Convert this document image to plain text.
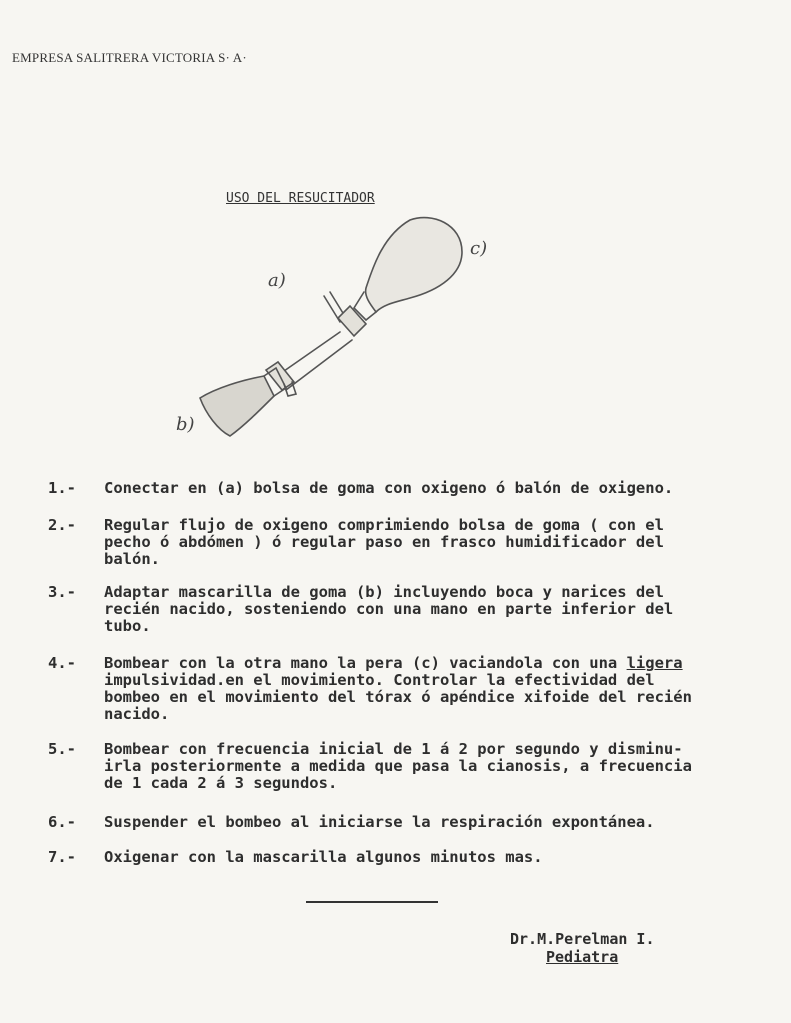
EMPRESA SALITRERA VICTORIA S· A·
USO DEL RESUCITADOR
a)
b)
c)
1.-	Conectar en (a) bolsa de goma con oxigeno ó balón de oxigeno.
2.-	Regular flujo de oxigeno comprimiendo bolsa de goma ( con el
pecho ó abdómen ) ó regular paso en frasco humidificador del
balón.
3.-	Adaptar mascarilla de goma (b) incluyendo boca y narices del
recién nacido, sosteniendo con una mano en parte inferior del
tubo.
4.-	Bombear con la otra mano la pera (c) vaciandola con una ligera
impulsividad.en el movimiento. Controlar la efectividad del
bombeo en el movimiento del tórax ó apéndice xifoide del recién
nacido.
5.-	Bombear con frecuencia inicial de 1 á 2 por segundo y disminu-
irla posteriormente a medida que pasa la cianosis, a frecuencia
de 1 cada 2 á 3 segundos.
6.-	Suspender el bombeo al iniciarse la respiración expontánea.
7.-	Oxigenar con la mascarilla algunos minutos mas.
Dr.M.Perelman I.
Pediatra
